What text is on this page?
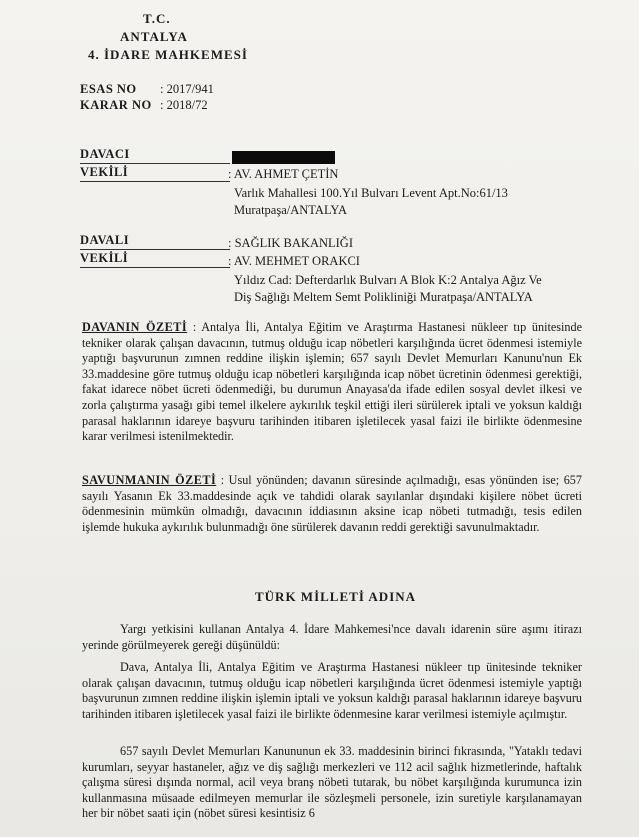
T.C.
ANTALYA
4. İDARE MAHKEMESİ
ESAS NO : 2017/941
KARAR NO : 2018/72
DAVACI
VEKİLİ	: AV. AHMET ÇETİN
Varlık Mahallesi 100.Yıl Bulvarı Levent Apt.No:61/13
Muratpaşa/ANTALYA
DAVALI	: SAĞLIK BAKANLIĞI
VEKİLİ	: AV. MEHMET ORAKCI
Yıldız Cad: Defterdarlık Bulvarı A Blok K:2 Antalya Ağız Ve
Diş Sağlığı Meltem Semt Polikliniği Muratpaşa/ANTALYA
DAVANIN ÖZETİ : Antalya İli, Antalya Eğitim ve Araştırma Hastanesi nükleer tıp ünitesinde tekniker olarak çalışan davacının, tutmuş olduğu icap nöbetleri karşılığında ücret ödenmesi istemiyle yaptığı başvurunun zımnen reddine ilişkin işlemin; 657 sayılı Devlet Memurları Kanunu'nun Ek 33.maddesine göre tutmuş olduğu icap nöbetleri karşılığında icap nöbet ücretinin ödenmesi gerektiği, fakat idarece nöbet ücreti ödenmediği, bu durumun Anayasa'da ifade edilen sosyal devlet ilkesi ve zorla çalıştırma yasağı gibi temel ilkelere aykırılık teşkil ettiği ileri sürülerek iptali ve yoksun kaldığı parasal haklarının idareye başvuru tarihinden itibaren işletilecek yasal faizi ile birlikte ödenmesine karar verilmesi istenilmektedir.
SAVUNMANIN ÖZETİ : Usul yönünden; davanın süresinde açılmadığı, esas yönünden ise; 657 sayılı Yasanın Ek 33.maddesinde açık ve tahdidi olarak sayılanlar dışındaki kişilere nöbet ücreti ödenmesinin mümkün olmadığı, davacının iddiasının aksine icap nöbeti tutmadığı, tesis edilen işlemde hukuka aykırılık bulunmadığı öne sürülerek davanın reddi gerektiği savunulmaktadır.
TÜRK MİLLETİ ADINA
Yargı yetkisini kullanan Antalya 4. İdare Mahkemesi'nce davalı idarenin süre aşımı itirazı yerinde görülmeyerek gereği düşünüldü:
Dava, Antalya İli, Antalya Eğitim ve Araştırma Hastanesi nükleer tıp ünitesinde tekniker olarak çalışan davacının, tutmuş olduğu icap nöbetleri karşılığında ücret ödenmesi istemiyle yaptığı başvurunun zımnen reddine ilişkin işlemin iptali ve yoksun kaldığı parasal haklarının idareye başvuru tarihinden itibaren işletilecek yasal faizi ile birlikte ödenmesine karar verilmesi istemiyle açılmıştır.
657 sayılı Devlet Memurları Kanununun ek 33. maddesinin birinci fıkrasında, "Yataklı tedavi kurumları, seyyar hastaneler, ağız ve diş sağlığı merkezleri ve 112 acil sağlık hizmetlerinde, haftalık çalışma süresi dışında normal, acil veya branş nöbeti tutarak, bu nöbet karşılığında kurumunca izin kullanmasına müsaade edilmeyen memurlar ile sözleşmeli personele, izin suretiyle karşılanamayan her bir nöbet saati için (nöbet süresi kesintisiz 6
